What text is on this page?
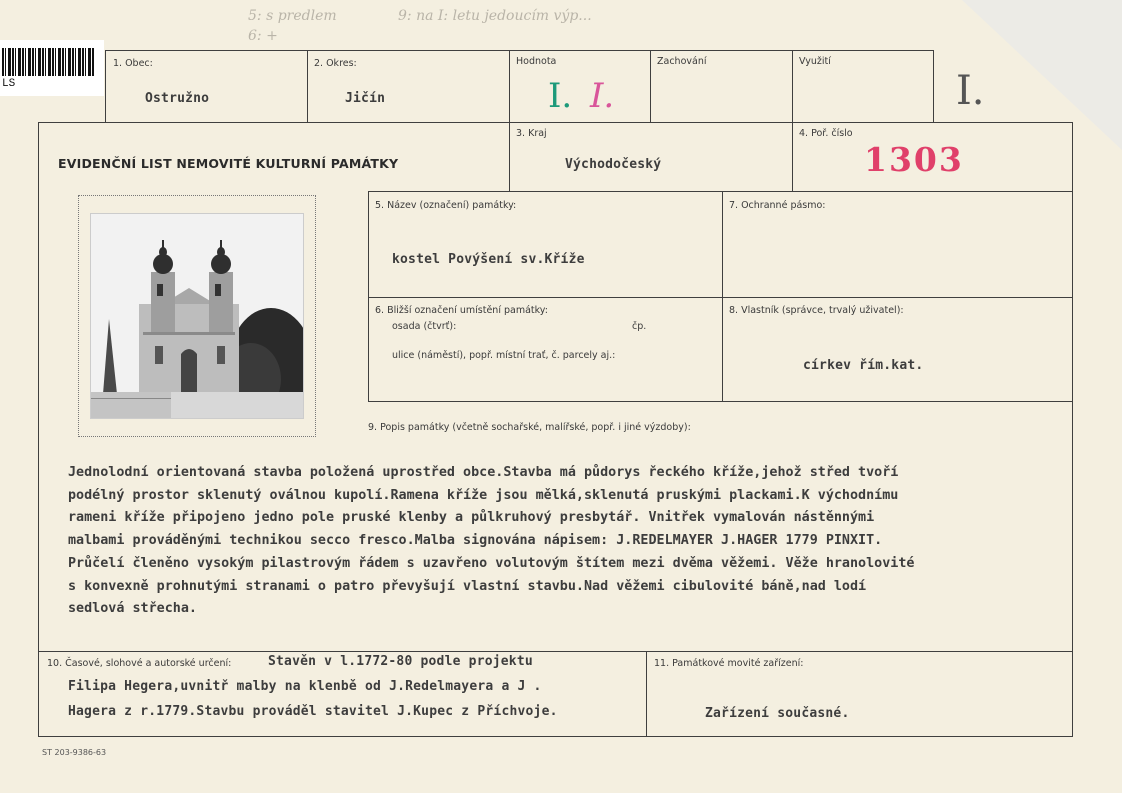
5: s predlem
6: +
9: na I: letu jedoucím výp...
LS
1. Obec:
Ostružno
2. Okres:
Jičín
Hodnota
I. I.
Zachování	Využití
I.
EVIDENČNÍ LIST NEMOVITÉ KULTURNÍ PAMÁTKY
3. Kraj
Východočeský
4. Poř. číslo
1303
5. Název (označení) památky:
kostel Povýšení sv.Kříže
7. Ochranné pásmo:
6. Bližší označení umístění památky:
osada (čtvrť):	čp.
ulice (náměstí), popř. místní trať, č. parcely aj.:
8. Vlastník (správce, trvalý uživatel):
církev řím.kat.
9. Popis památky (včetně sochařské, malířské, popř. i jiné výzdoby):
Jednolodní orientovaná stavba položená uprostřed obce.Stavba má půdorys řeckého kříže,jehož střed tvoří
podélný prostor sklenutý oválnou kupolí.Ramena kříže jsou mělká,sklenutá pruskými plackami.K východnímu
rameni kříže připojeno jedno pole pruské klenby a půlkruhový presbytář. Vnitřek vymalován nástěnnými
malbami prováděnými technikou secco fresco.Malba signována nápisem: J.REDELMAYER J.HAGER 1779 PINXIT.
Průčelí členěno vysokým pilastrovým řádem s uzavřeno volutovým štítem mezi dvěma věžemi. Věže hranolovité
s konvexně prohnutými stranami o patro převyšují vlastní stavbu.Nad věžemi cibulovité báně,nad lodí
sedlová střecha.
10. Časové, slohové a autorské určení:	Stavěn v l.1772-80 podle projektu
Filipa Hegera,uvnitř malby na klenbě od J.Redelmayera a J .
Hagera z r.1779.Stavbu prováděl stavitel J.Kupec z Příchvoje.
11. Památkové movité zařízení:
Zařízení současné.
ST 203-9386-63
